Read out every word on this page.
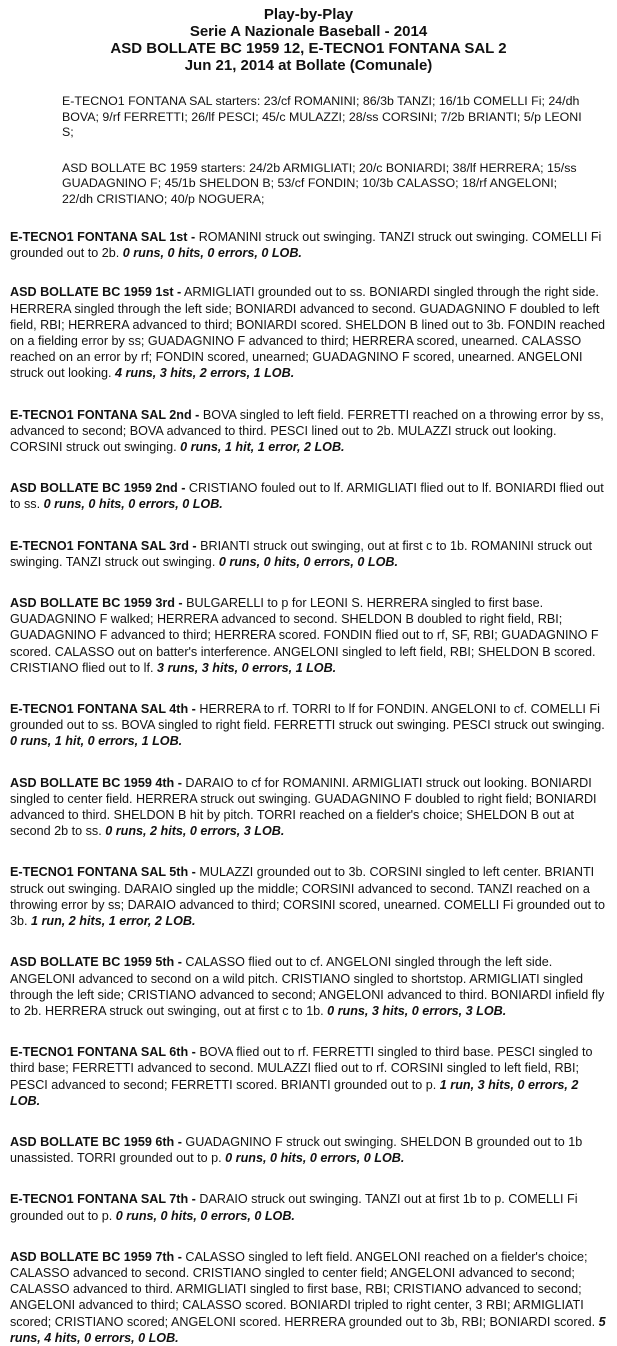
Play-by-Play
Serie A Nazionale Baseball - 2014
ASD BOLLATE BC 1959 12, E-TECNO1 FONTANA SAL 2
Jun 21, 2014 at Bollate (Comunale)

E-TECNO1 FONTANA SAL starters: 23/cf ROMANINI; 86/3b TANZI; 16/1b COMELLI Fi; 24/dh BOVA; 9/rf FERRETTI; 26/lf PESCI; 45/c MULAZZI; 28/ss CORSINI; 7/2b BRIANTI; 5/p LEONI S;

ASD BOLLATE BC 1959 starters: 24/2b ARMIGLIATI; 20/c BONIARDI; 38/lf HERRERA; 15/ss GUADAGNINO F; 45/1b SHELDON B; 53/cf FONDIN; 10/3b CALASSO; 18/rf ANGELONI; 22/dh CRISTIANO; 40/p NOGUERA;

E-TECNO1 FONTANA SAL 1st - ROMANINI struck out swinging. TANZI struck out swinging. COMELLI Fi grounded out to 2b. 0 runs, 0 hits, 0 errors, 0 LOB.

ASD BOLLATE BC 1959 1st - ARMIGLIATI grounded out to ss. BONIARDI singled through the right side. HERRERA singled through the left side; BONIARDI advanced to second. GUADAGNINO F doubled to left field, RBI; HERRERA advanced to third; BONIARDI scored. SHELDON B lined out to 3b. FONDIN reached on a fielding error by ss; GUADAGNINO F advanced to third; HERRERA scored, unearned. CALASSO reached on an error by rf; FONDIN scored, unearned; GUADAGNINO F scored, unearned. ANGELONI struck out looking. 4 runs, 3 hits, 2 errors, 1 LOB.

E-TECNO1 FONTANA SAL 2nd - BOVA singled to left field. FERRETTI reached on a throwing error by ss, advanced to second; BOVA advanced to third. PESCI lined out to 2b. MULAZZI struck out looking. CORSINI struck out swinging. 0 runs, 1 hit, 1 error, 2 LOB.

ASD BOLLATE BC 1959 2nd - CRISTIANO fouled out to lf. ARMIGLIATI flied out to lf. BONIARDI flied out to ss. 0 runs, 0 hits, 0 errors, 0 LOB.

E-TECNO1 FONTANA SAL 3rd - BRIANTI struck out swinging, out at first c to 1b. ROMANINI struck out swinging. TANZI struck out swinging. 0 runs, 0 hits, 0 errors, 0 LOB.

ASD BOLLATE BC 1959 3rd - BULGARELLI to p for LEONI S. HERRERA singled to first base. GUADAGNINO F walked; HERRERA advanced to second. SHELDON B doubled to right field, RBI; GUADAGNINO F advanced to third; HERRERA scored. FONDIN flied out to rf, SF, RBI; GUADAGNINO F scored. CALASSO out on batter's interference. ANGELONI singled to left field, RBI; SHELDON B scored. CRISTIANO flied out to lf. 3 runs, 3 hits, 0 errors, 1 LOB.

E-TECNO1 FONTANA SAL 4th - HERRERA to rf. TORRI to lf for FONDIN. ANGELONI to cf. COMELLI Fi grounded out to ss. BOVA singled to right field. FERRETTI struck out swinging. PESCI struck out swinging. 0 runs, 1 hit, 0 errors, 1 LOB.

ASD BOLLATE BC 1959 4th - DARAIO to cf for ROMANINI. ARMIGLIATI struck out looking. BONIARDI singled to center field. HERRERA struck out swinging. GUADAGNINO F doubled to right field; BONIARDI advanced to third. SHELDON B hit by pitch. TORRI reached on a fielder's choice; SHELDON B out at second 2b to ss. 0 runs, 2 hits, 0 errors, 3 LOB.

E-TECNO1 FONTANA SAL 5th - MULAZZI grounded out to 3b. CORSINI singled to left center. BRIANTI struck out swinging. DARAIO singled up the middle; CORSINI advanced to second. TANZI reached on a throwing error by ss; DARAIO advanced to third; CORSINI scored, unearned. COMELLI Fi grounded out to 3b. 1 run, 2 hits, 1 error, 2 LOB.

ASD BOLLATE BC 1959 5th - CALASSO flied out to cf. ANGELONI singled through the left side. ANGELONI advanced to second on a wild pitch. CRISTIANO singled to shortstop. ARMIGLIATI singled through the left side; CRISTIANO advanced to second; ANGELONI advanced to third. BONIARDI infield fly to 2b. HERRERA struck out swinging, out at first c to 1b. 0 runs, 3 hits, 0 errors, 3 LOB.

E-TECNO1 FONTANA SAL 6th - BOVA flied out to rf. FERRETTI singled to third base. PESCI singled to third base; FERRETTI advanced to second. MULAZZI flied out to rf. CORSINI singled to left field, RBI; PESCI advanced to second; FERRETTI scored. BRIANTI grounded out to p. 1 run, 3 hits, 0 errors, 2 LOB.

ASD BOLLATE BC 1959 6th - GUADAGNINO F struck out swinging. SHELDON B grounded out to 1b unassisted. TORRI grounded out to p. 0 runs, 0 hits, 0 errors, 0 LOB.

E-TECNO1 FONTANA SAL 7th - DARAIO struck out swinging. TANZI out at first 1b to p. COMELLI Fi grounded out to p. 0 runs, 0 hits, 0 errors, 0 LOB.

ASD BOLLATE BC 1959 7th - CALASSO singled to left field. ANGELONI reached on a fielder's choice; CALASSO advanced to second. CRISTIANO singled to center field; ANGELONI advanced to second; CALASSO advanced to third. ARMIGLIATI singled to first base, RBI; CRISTIANO advanced to second; ANGELONI advanced to third; CALASSO scored. BONIARDI tripled to right center, 3 RBI; ARMIGLIATI scored; CRISTIANO scored; ANGELONI scored. HERRERA grounded out to 3b, RBI; BONIARDI scored. 5 runs, 4 hits, 0 errors, 0 LOB.
